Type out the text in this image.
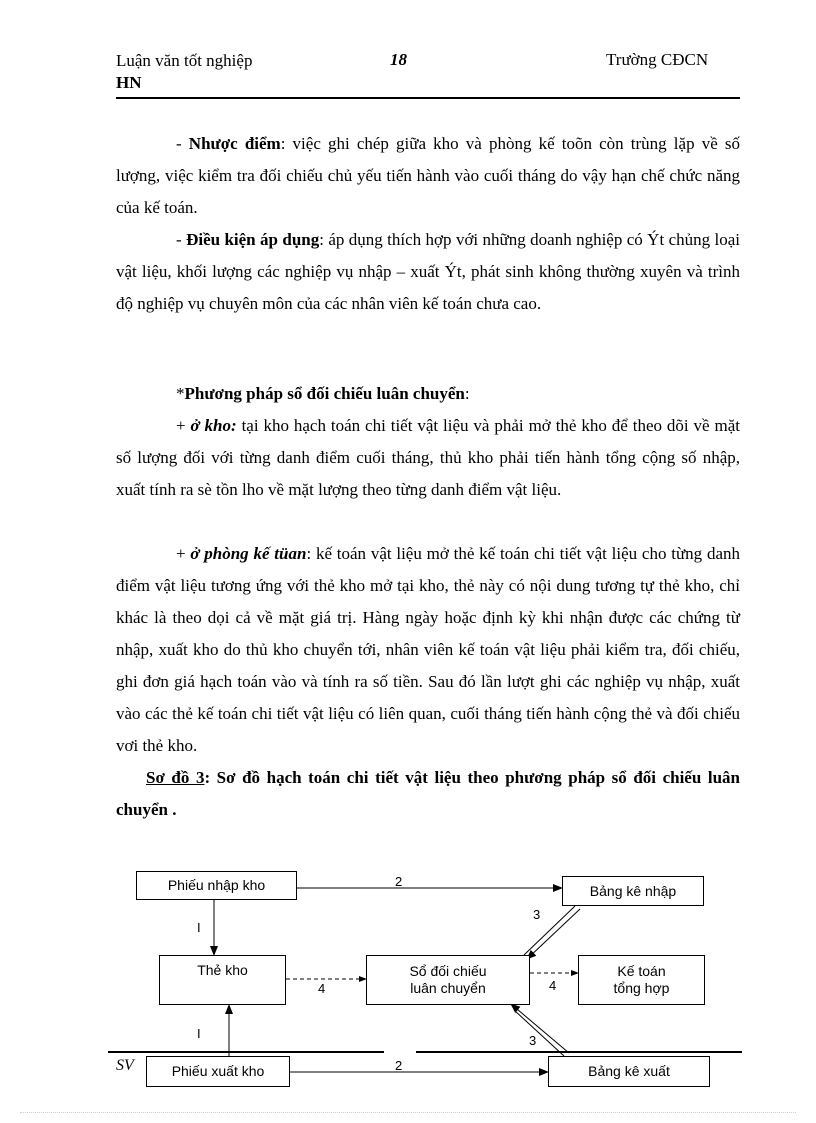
Luận văn tốt nghiệp
HN
18	Trường CĐCN

- Nhược điểm: việc ghi chép giữa kho và phòng kế toõn còn trùng lặp về số lượng, việc kiểm tra đối chiếu chủ yếu tiến hành vào cuối tháng do vậy hạn chế chức năng của kế toán.

- Điều kiện áp dụng: áp dụng thích hợp với những doanh nghiệp có Ýt chủng loại vật liệu, khối lượng các nghiệp vụ nhập – xuất Ýt, phát sinh không thường xuyên và trình độ nghiệp vụ chuyên môn của các nhân viên kế toán chưa cao.

*Phương pháp sổ đối chiếu luân chuyển:

+ ở kho: tại kho hạch toán chi tiết vật liệu và phải mở thẻ kho để theo dõi về mặt số lượng đối với từng danh điểm cuối tháng, thủ kho phải tiến hành tổng cộng số nhập, xuất tính ra sè tồn lho về mặt lượng theo từng danh điểm vật liệu.

+ ở phòng kế tüan: kế toán vật liệu mở thẻ kế toán chi tiết vật liệu cho từng danh điểm vật liệu tương ứng với thẻ kho mở tại kho, thẻ này có nội dung tương tự thẻ kho, chỉ khác là theo dọi cả về mặt giá trị. Hàng ngày hoặc định kỳ khi nhận được các chứng từ nhập, xuất kho do thủ kho chuyển tới, nhân viên kế toán vật liệu phải kiểm tra, đối chiếu, ghi đơn giá hạch toán vào và tính ra số tiền. Sau đó lần lượt ghi các nghiệp vụ nhập, xuất vào các thẻ kế toán chi tiết vật liệu có liên quan, cuối tháng tiến hành cộng thẻ và đối chiếu vơi thẻ kho.

Sơ đồ 3: Sơ đồ hạch toán chi tiết vật liệu theo phương pháp sổ đối chiếu luân chuyển .

Phiếu nhập kho	Bảng kê nhập
Thẻ kho	Sổ đối chiếu
luân chuyển
Kế toán
tổng hợp
Phiếu xuất kho	Bảng kê xuất
2
I
3
4	4
I	3
2
SV
